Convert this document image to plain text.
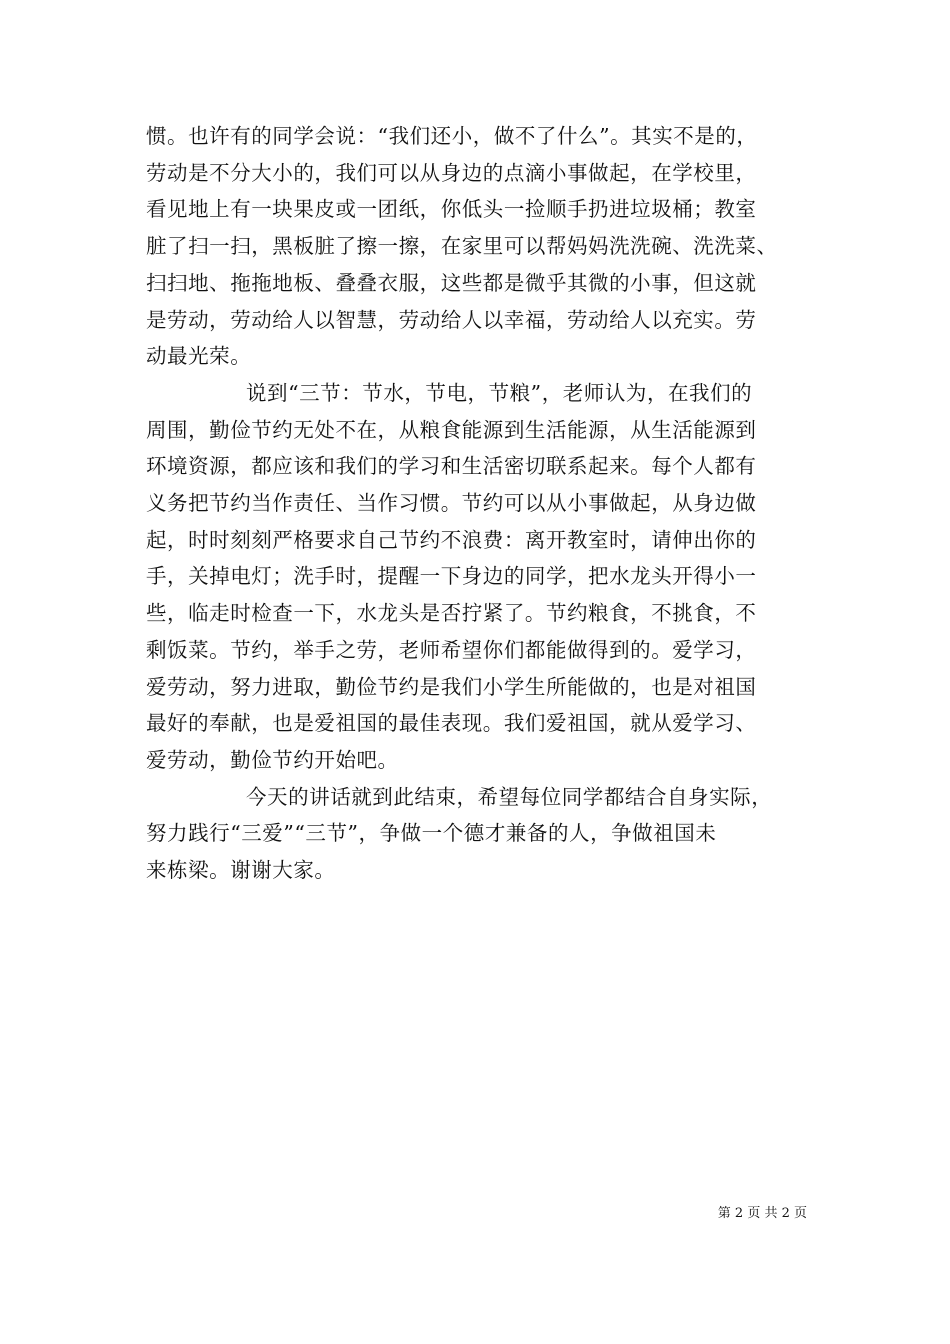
惯。也许有的同学会说：“我们还小，做不了什么”。其实不是的，
劳动是不分大小的，我们可以从身边的点滴小事做起，在学校里，
看见地上有一块果皮或一团纸，你低头一捡顺手扔进垃圾桶；教室
脏了扫一扫，黑板脏了擦一擦，在家里可以帮妈妈洗洗碗、洗洗菜、
扫扫地、拖拖地板、叠叠衣服，这些都是微乎其微的小事，但这就
是劳动，劳动给人以智慧，劳动给人以幸福，劳动给人以充实。劳
动最光荣。

说到“三节：节水，节电，节粮”，老师认为，在我们的
周围，勤俭节约无处不在，从粮食能源到生活能源，从生活能源到
环境资源，都应该和我们的学习和生活密切联系起来。每个人都有
义务把节约当作责任、当作习惯。节约可以从小事做起，从身边做
起，时时刻刻严格要求自己节约不浪费：离开教室时，请伸出你的
手，关掉电灯；洗手时，提醒一下身边的同学，把水龙头开得小一
些，临走时检查一下，水龙头是否拧紧了。节约粮食，不挑食，不
剩饭菜。节约，举手之劳，老师希望你们都能做得到的。爱学习，
爱劳动，努力进取，勤俭节约是我们小学生所能做的，也是对祖国
最好的奉献，也是爱祖国的最佳表现。我们爱祖国，就从爱学习、
爱劳动，勤俭节约开始吧。

今天的讲话就到此结束，希望每位同学都结合自身实际，
努力践行“三爱”“三节”，争做一个德才兼备的人，争做祖国未
来栋梁。谢谢大家。

第 2 页 共 2 页
